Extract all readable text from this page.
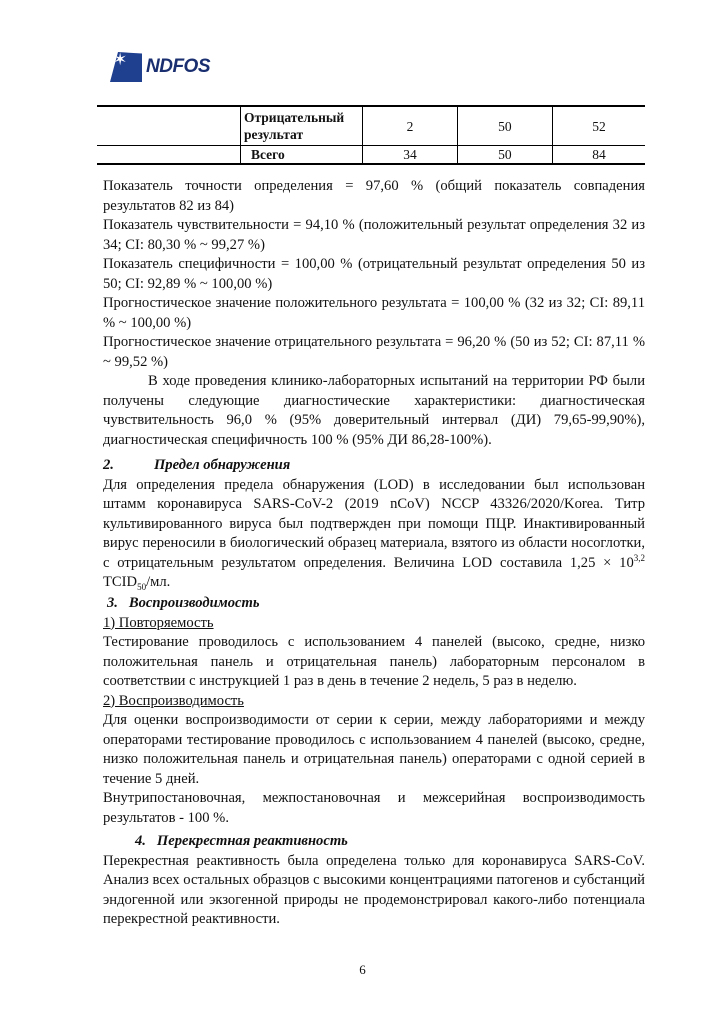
✶
NDFOS
	Отрицательный результат	2	50	52
	Всего	34	50	84

Показатель точности определения = 97,60 % (общий показатель совпадения результатов 82 из 84)

Показатель чувствительности = 94,10 % (положительный результат определения 32 из 34; CI: 80,30 % ~ 99,27 %)

Показатель специфичности = 100,00 % (отрицательный результат определения 50 из 50; CI: 92,89 % ~ 100,00 %)

Прогностическое значение положительного результата = 100,00 % (32 из 32; CI: 89,11 % ~ 100,00 %)

Прогностическое значение отрицательного результата = 96,20 % (50 из 52; CI: 87,11 % ~ 99,52 %)

В ходе проведения клинико-лабораторных испытаний на территории РФ были получены следующие диагностические характеристики: диагностическая чувствительность 96,0 % (95% доверительный интервал (ДИ) 79,65-99,90%), диагностическая специфичность 100 % (95% ДИ 86,28-100%).

2.	Предел обнаружения

Для определения предела обнаружения (LOD) в исследовании был использован штамм коронавируса SARS-CoV-2 (2019 nCoV) NCCP 43326/2020/Korea. Титр культивированного вируса был подтвержден при помощи ПЦР. Инактивированный вирус переносили в биологический образец материала, взятого из области носоглотки, с отрицательным результатом определения. Величина LOD составила $1,25 \times 10^{3,2}$ $TCID_{50}/мл$.

3. Воспроизводимость

1) Повторяемость

Тестирование проводилось с использованием 4 панелей (высоко, средне, низко положительная панель и отрицательная панель) лабораторным персоналом в соответствии с инструкцией 1 раз в день в течение 2 недель, 5 раз в неделю.

2) Воспроизводимость

Для оценки воспроизводимости от серии к серии, между лабораториями и между операторами тестирование проводилось с использованием 4 панелей (высоко, средне, низко положительная панель и отрицательная панель) операторами с одной серией в течение 5 дней.

Внутрипостановочная, межпостановочная и межсерийная воспроизводимость результатов - 100 %.

4. Перекрестная реактивность

Перекрестная реактивность была определена только для коронавируса SARS-CoV. Анализ всех остальных образцов с высокими концентрациями патогенов и субстанций эндогенной или экзогенной природы не продемонстрировал какого-либо потенциала перекрестной реактивности.

6
